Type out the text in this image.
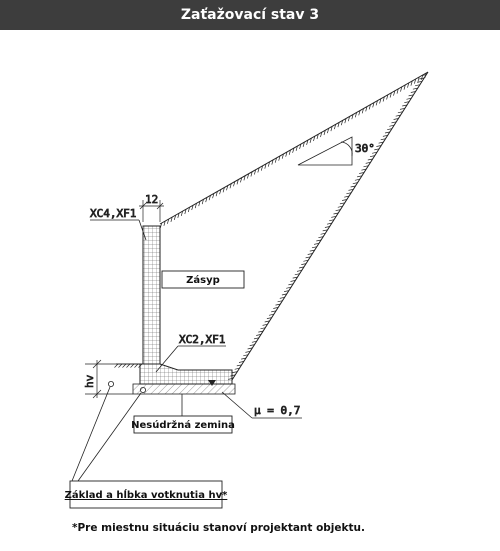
Zaťažovací stav 3
30°
12
XC4,XF1
XC2,XF1
Zásyp
hv
μ = 0,7
Nesúdržná zemina
Základ a hĺbka votknutia hv*
*Pre miestnu situáciu stanoví projektant objektu.
